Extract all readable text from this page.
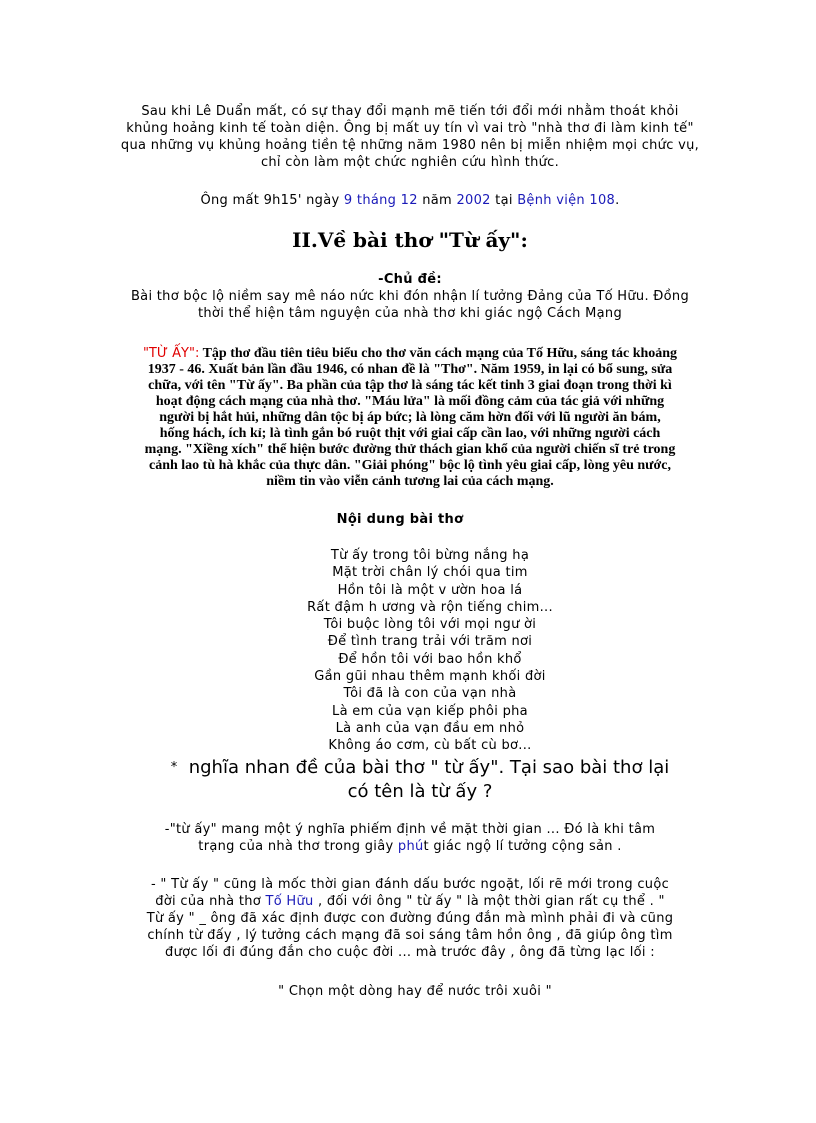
Sau khi Lê Duẩn mất, có sự thay đổi mạnh mẽ tiến tới đổi mới nhằm thoát khỏi
khủng hoảng kinh tế toàn diện. Ông bị mất uy tín vì vai trò "nhà thơ đi làm kinh tế"
qua những vụ khủng hoảng tiền tệ những năm 1980 nên bị miễn nhiệm mọi chức vụ,
chỉ còn làm một chức nghiên cứu hình thức.
Ông mất 9h15' ngày 9 tháng 12 năm 2002 tại Bệnh viện 108.
II.Về bài thơ "Từ ấy":
-Chủ đề:
Bài thơ bộc lộ niềm say mê náo nức khi đón nhận lí tưởng Đảng của Tố Hữu. Đồng
thời thể hiện tâm nguyện của nhà thơ khi giác ngộ Cách Mạng
"TỪ ẤY": Tập thơ đầu tiên tiêu biểu cho thơ văn cách mạng của Tố Hữu, sáng tác khoảng
1937 - 46. Xuất bản lần đầu 1946, có nhan đề là "Thơ". Năm 1959, in lại có bổ sung, sửa
chữa, với tên "Từ ấy". Ba phần của tập thơ là sáng tác kết tinh 3 giai đoạn trong thời kì
hoạt động cách mạng của nhà thơ. "Máu lửa" là mối đồng cảm của tác giả với những
người bị hắt hủi, những dân tộc bị áp bức; là lòng căm hờn đối với lũ người ăn bám,
hống hách, ích kỉ; là tình gắn bó ruột thịt với giai cấp cần lao, với những người cách
mạng. "Xiềng xích" thể hiện bước đường thử thách gian khổ của người chiến sĩ trẻ trong
cảnh lao tù hà khắc của thực dân. "Giải phóng" bộc lộ tình yêu giai cấp, lòng yêu nước,
niềm tin vào viễn cảnh tương lai của cách mạng.
Nội dung bài thơ
Từ ấy trong tôi bừng nắng hạ
Mặt trời chân lý chói qua tim
Hồn tôi là một v ườn hoa lá
Rất đậm h ương và rộn tiếng chim...
Tôi buộc lòng tôi với mọi ngư ời
Để tình trang trải với trăm nơi
Để hồn tôi với bao hồn khổ
Gần gũi nhau thêm mạnh khối đời
Tôi đã là con của vạn nhà
Là em của vạn kiếp phôi pha
Là anh của vạn đầu em nhỏ
Không áo cơm, cù bất cù bơ...
* nghĩa nhan đề của bài thơ " từ ấy". Tại sao bài thơ lại
có tên là từ ấy ?
-"từ ấy" mang một ý nghĩa phiếm định về mặt thời gian ... Đó là khi tâm
trạng của nhà thơ trong giây phút giác ngộ lí tưởng cộng sản .
- " Từ ấy " cũng là mốc thời gian đánh dấu bước ngoặt, lối rẽ mới trong cuộc
đời của nhà thơ Tố Hữu , đối với ông " từ ấy " là một thời gian rất cụ thể . "
Từ ấy " _ ông đã xác định được con đường đúng đắn mà mình phải đi và cũng
chính từ đấy , lý tưởng cách mạng đã soi sáng tâm hồn ông , đã giúp ông tìm
được lối đi đúng đắn cho cuộc đời ... mà trước đây , ông đã từng lạc lối :
" Chọn một dòng hay để nước trôi xuôi "
